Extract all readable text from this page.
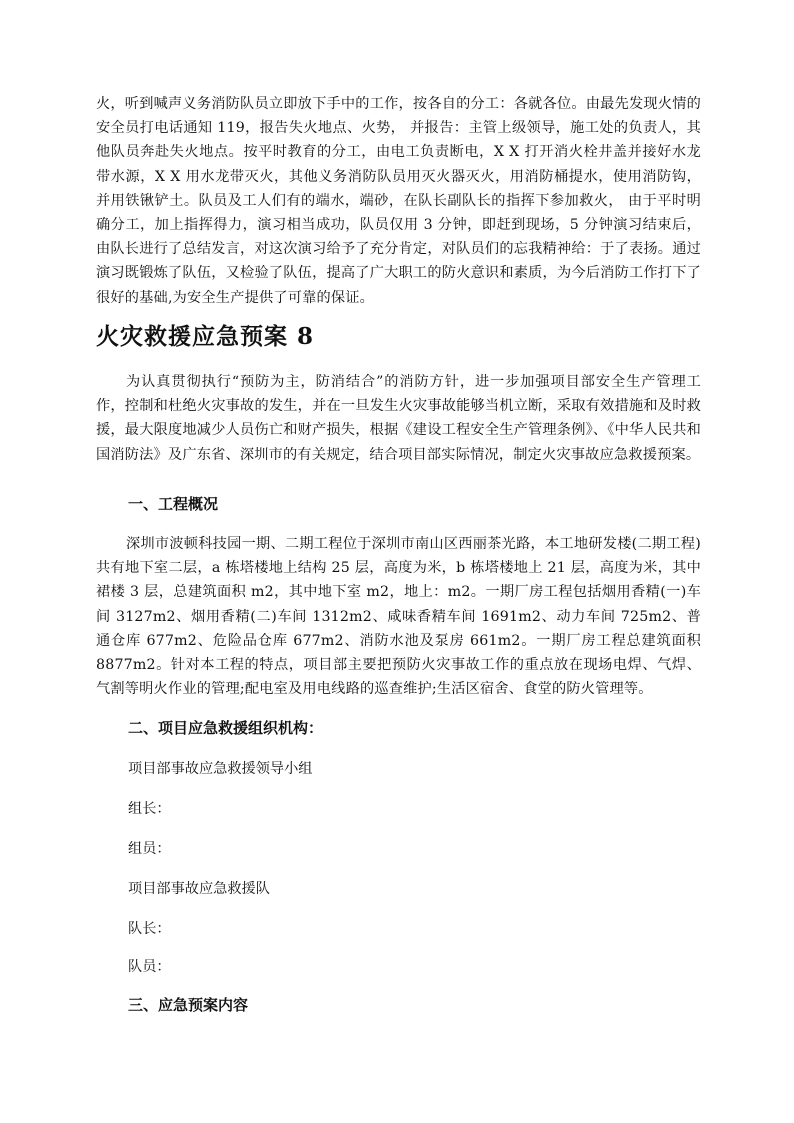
火，听到喊声义务消防队员立即放下手中的工作，按各自的分工：各就各位。由最先发现火情的安全员打电话通知 119，报告失火地点、火势， 并报告：主管上级领导，施工处的负责人，其他队员奔赴失火地点。按平时教育的分工，由电工负责断电，X X 打开消火栓井盖并接好水龙带水源，X X 用水龙带灭火，其他义务消防队员用灭火器灭火，用消防桶提水，使用消防钩，并用铁锹铲土。队员及工人们有的端水，端砂，在队长副队长的指挥下参加救火， 由于平时明确分工，加上指挥得力，演习相当成功，队员仅用 3 分钟，即赶到现场，5 分钟演习结束后， 由队长进行了总结发言，对这次演习给予了充分肯定，对队员们的忘我精神给：于了表扬。通过演习既锻炼了队伍，又检验了队伍，提高了广大职工的防火意识和素质，为今后消防工作打下了很好的基础,为安全生产提供了可靠的保证。

火灾救援应急预案 8

为认真贯彻执行“预防为主，防消结合”的消防方针，进一步加强项目部安全生产管理工作，控制和杜绝火灾事故的发生，并在一旦发生火灾事故能够当机立断，采取有效措施和及时救援，最大限度地减少人员伤亡和财产损失，根据《建设工程安全生产管理条例》、《中华人民共和国消防法》及广东省、深圳市的有关规定，结合项目部实际情况，制定火灾事故应急救援预案。

一、工程概况

深圳市波顿科技园一期、二期工程位于深圳市南山区西丽茶光路，本工地研发楼(二期工程)共有地下室二层，a 栋塔楼地上结构 25 层，高度为米，b 栋塔楼地上 21 层，高度为米，其中裙楼 3 层，总建筑面积 m2，其中地下室 m2，地上：m2。一期厂房工程包括烟用香精(一)车间 3127m2、烟用香精(二)车间 1312m2、咸味香精车间 1691m2、动力车间 725m2、普通仓库 677m2、危险品仓库 677m2、消防水池及泵房 661m2。一期厂房工程总建筑面积 8877m2。针对本工程的特点，项目部主要把预防火灾事故工作的重点放在现场电焊、气焊、气割等明火作业的管理;配电室及用电线路的巡查维护;生活区宿舍、食堂的防火管理等。

二、项目应急救援组织机构：

项目部事故应急救援领导小组

组长：

组员：

项目部事故应急救援队

队长：

队员：

三、应急预案内容
